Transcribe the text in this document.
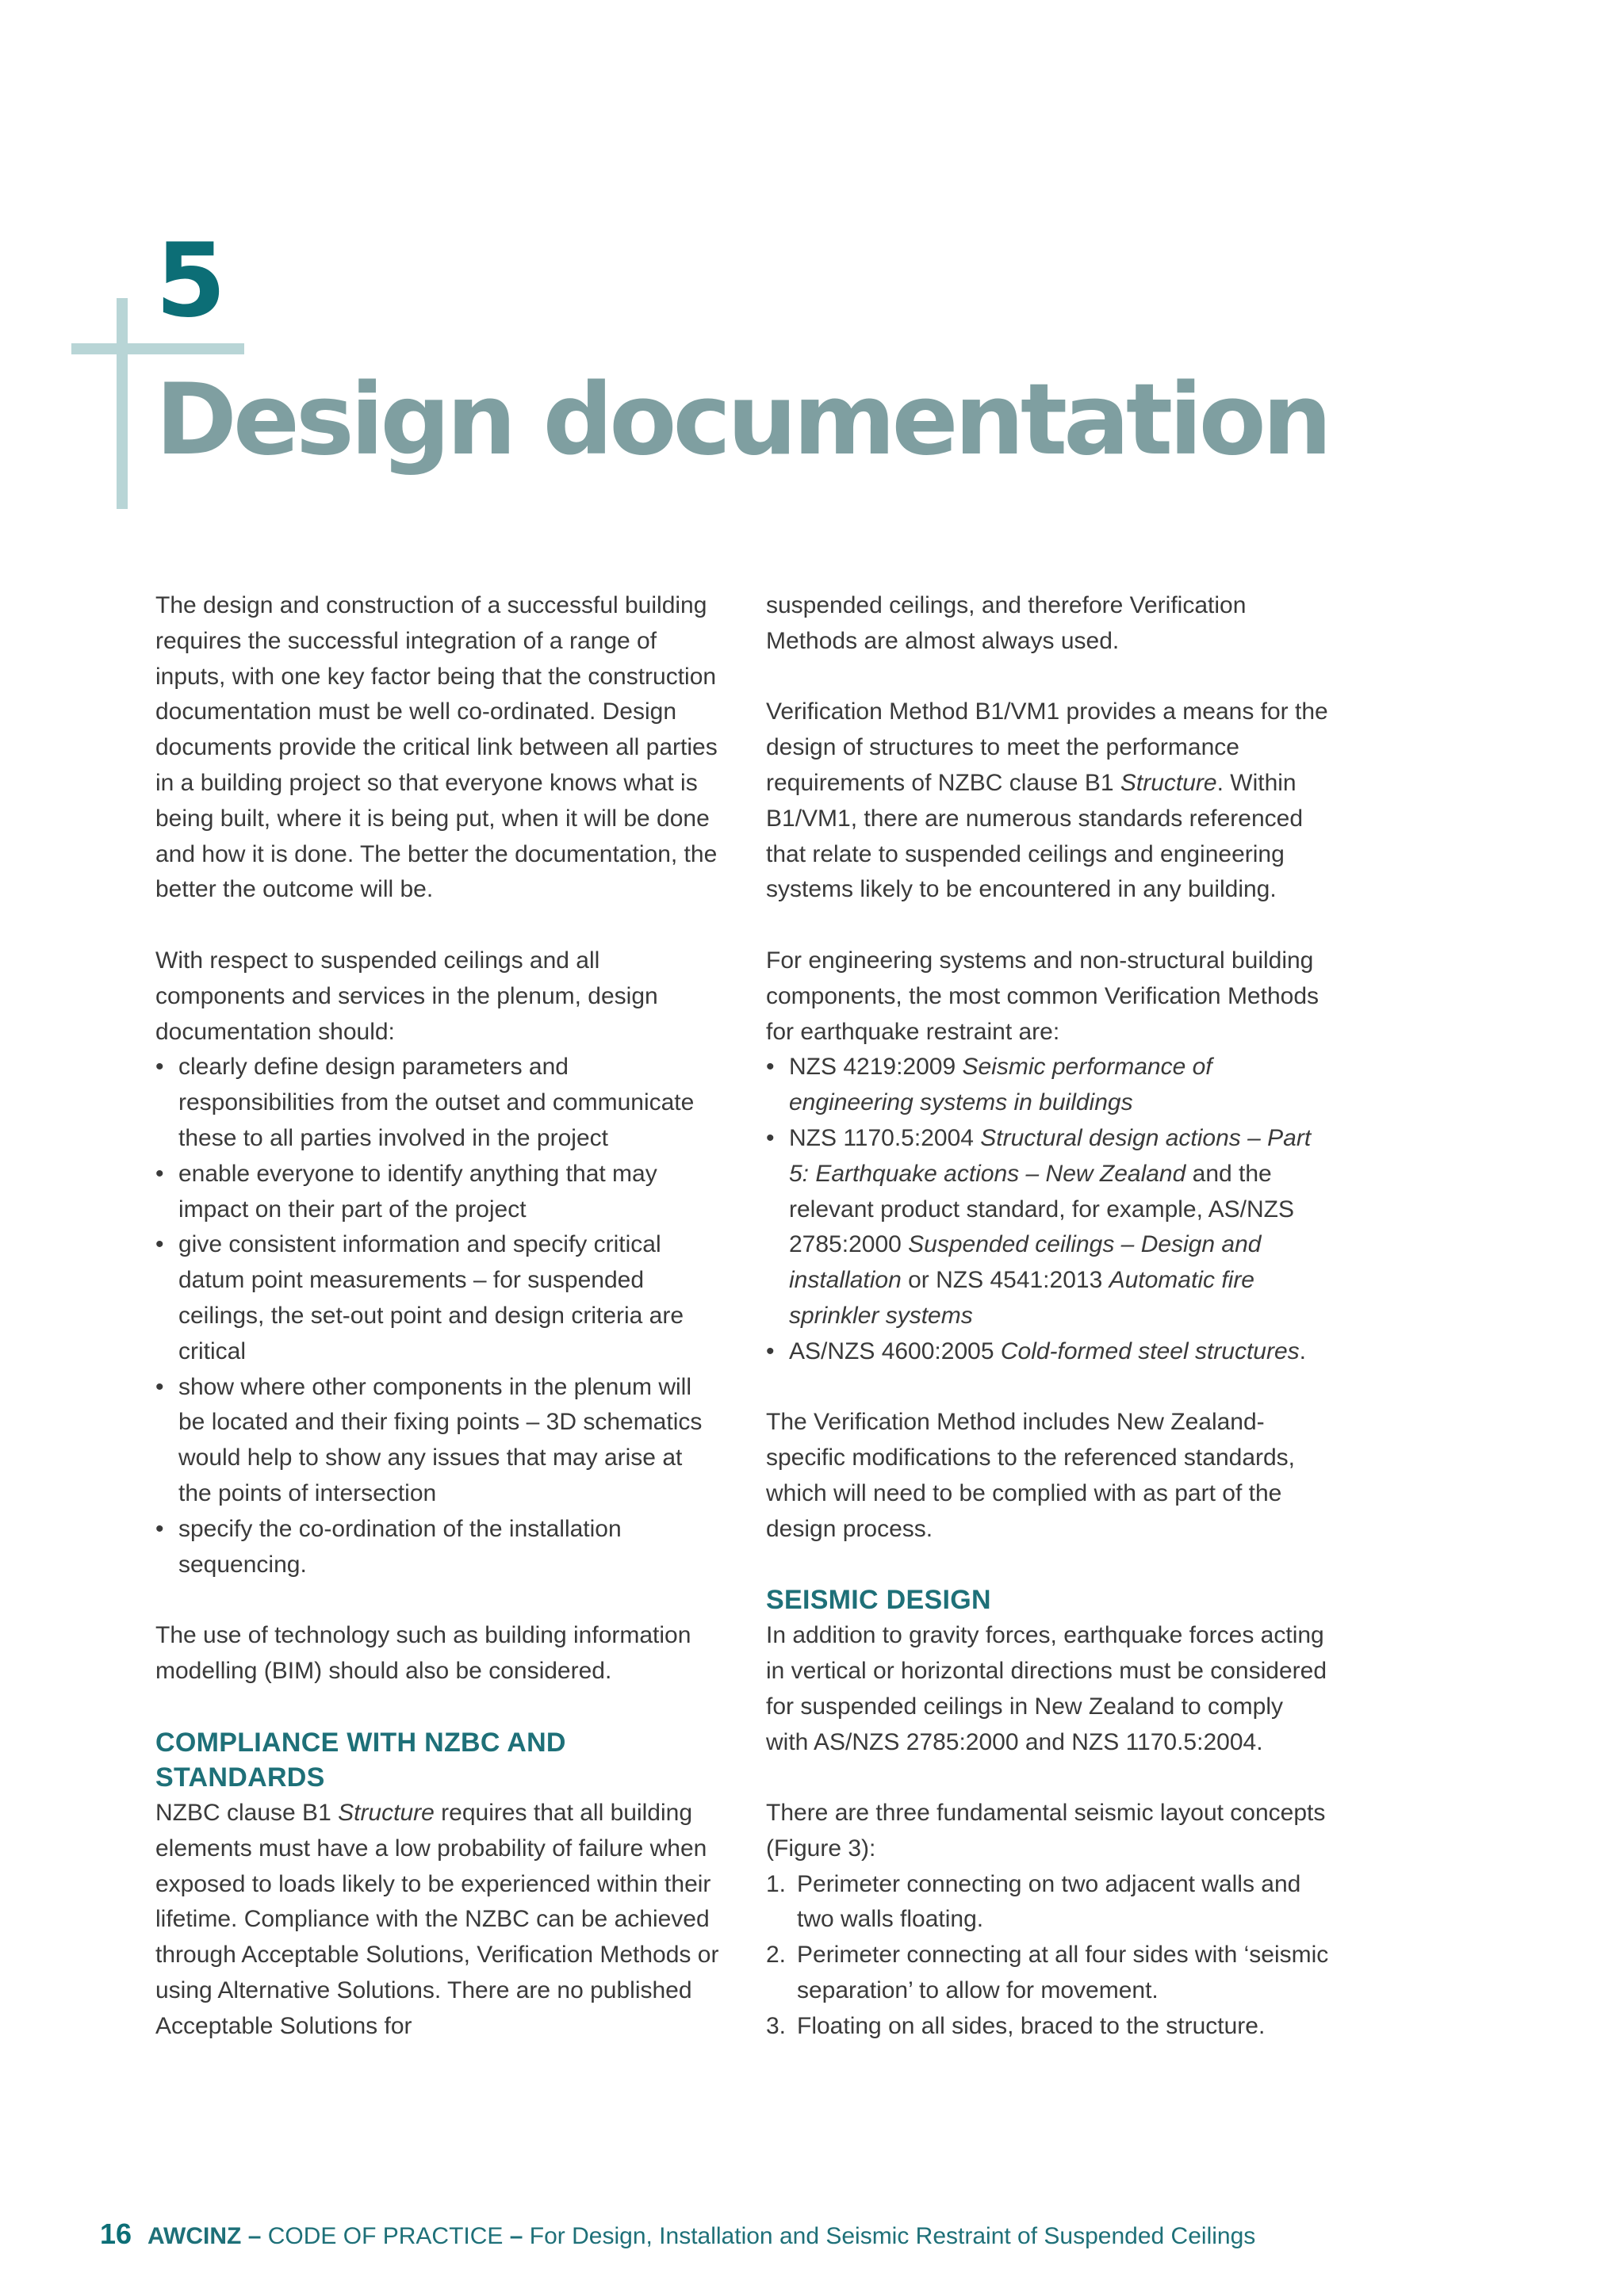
5
Design documentation

The design and construction of a successful building requires the successful integration of a range of inputs, with one key factor being that the construction documentation must be well co-ordinated. Design documents provide the critical link between all parties in a building project so that everyone knows what is being built, where it is being put, when it will be done and how it is done. The better the documentation, the better the outcome will be.

With respect to suspended ceilings and all components and services in the plenum, design documentation should:

• clearly define design parameters and responsibilities from the outset and communicate these to all parties involved in the project
• enable everyone to identify anything that may impact on their part of the project
• give consistent information and specify critical datum point measurements – for suspended ceilings, the set-out point and design criteria are critical
• show where other components in the plenum will be located and their fixing points – 3D schematics would help to show any issues that may arise at the points of intersection
• specify the co-ordination of the installation sequencing.

The use of technology such as building information modelling (BIM) should also be considered.

COMPLIANCE WITH NZBC AND STANDARDS

NZBC clause B1 Structure requires that all building elements must have a low probability of failure when exposed to loads likely to be experienced within their lifetime. Compliance with the NZBC can be achieved through Acceptable Solutions, Verification Methods or using Alternative Solutions. There are no published Acceptable Solutions for

suspended ceilings, and therefore Verification Methods are almost always used.

Verification Method B1/VM1 provides a means for the design of structures to meet the performance requirements of NZBC clause B1 Structure. Within B1/VM1, there are numerous standards referenced that relate to suspended ceilings and engineering systems likely to be encountered in any building.

For engineering systems and non-structural building components, the most common Verification Methods for earthquake restraint are:

• NZS 4219:2009 Seismic performance of engineering systems in buildings
• NZS 1170.5:2004 Structural design actions – Part 5: Earthquake actions – New Zealand and the relevant product standard, for example, AS/NZS 2785:2000 Suspended ceilings – Design and installation or NZS 4541:2013 Automatic fire sprinkler systems
• AS/NZS 4600:2005 Cold-formed steel structures.

The Verification Method includes New Zealand-specific modifications to the referenced standards, which will need to be complied with as part of the design process.

SEISMIC DESIGN

In addition to gravity forces, earthquake forces acting in vertical or horizontal directions must be considered for suspended ceilings in New Zealand to comply with AS/NZS 2785:2000 and NZS 1170.5:2004.

There are three fundamental seismic layout concepts (Figure 3):

1. Perimeter connecting on two adjacent walls and two walls floating.
2. Perimeter connecting at all four sides with ‘seismic separation’ to allow for movement.
3. Floating on all sides, braced to the structure.
16 AWCINZ – CODE OF PRACTICE – For Design, Installation and Seismic Restraint of Suspended Ceilings
